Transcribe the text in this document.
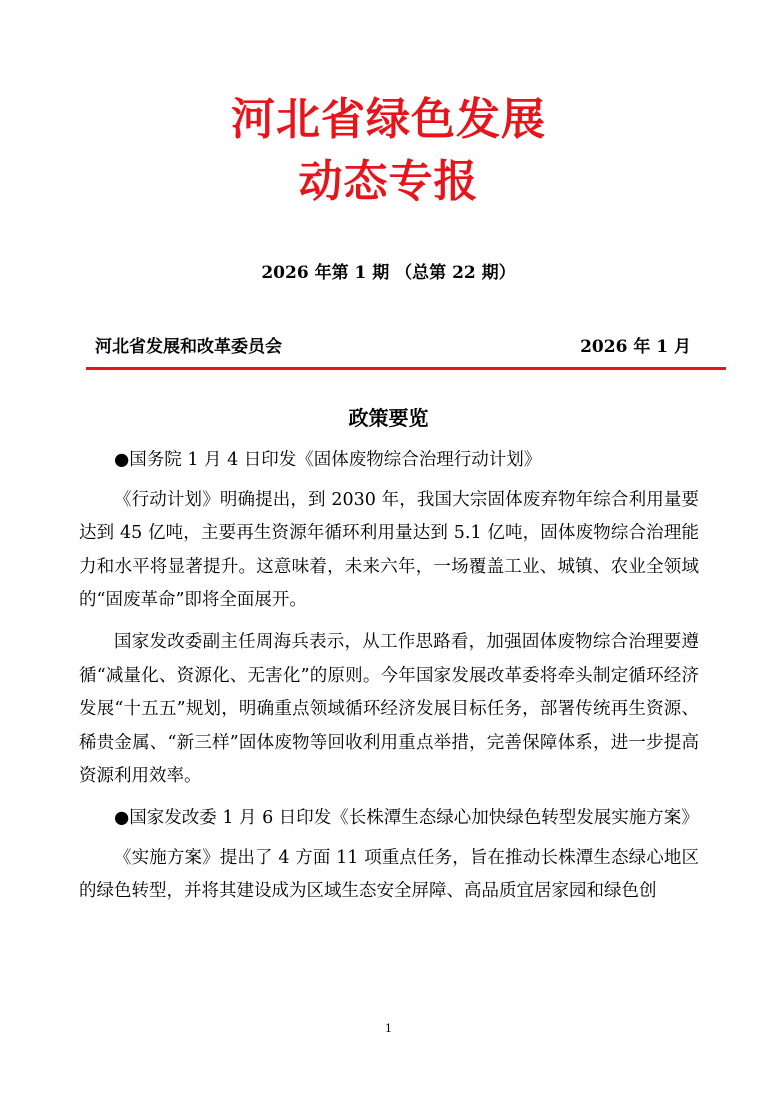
河北省绿色发展
动态专报
2026 年第 1 期 （总第 22 期）
河北省发展和改革委员会	2026 年 1 月
政策要览

●国务院 1 月 4 日印发《固体废物综合治理行动计划》

《行动计划》明确提出，到 2030 年，我国大宗固体废弃物年综合利用量要达到 45 亿吨，主要再生资源年循环利用量达到 5.1 亿吨，固体废物综合治理能力和水平将显著提升。这意味着，未来六年，一场覆盖工业、城镇、农业全领域的“固废革命”即将全面展开。

国家发改委副主任周海兵表示，从工作思路看，加强固体废物综合治理要遵循“减量化、资源化、无害化”的原则。今年国家发展改革委将牵头制定循环经济发展“十五五”规划，明确重点领域循环经济发展目标任务，部署传统再生资源、稀贵金属、“新三样”固体废物等回收利用重点举措，完善保障体系，进一步提高资源利用效率。

●国家发改委 1 月 6 日印发《长株潭生态绿心加快绿色转型发展实施方案》

《实施方案》提出了 4 方面 11 项重点任务，旨在推动长株潭生态绿心地区的绿色转型，并将其建设成为区域生态安全屏障、高品质宜居家园和绿色创

1
